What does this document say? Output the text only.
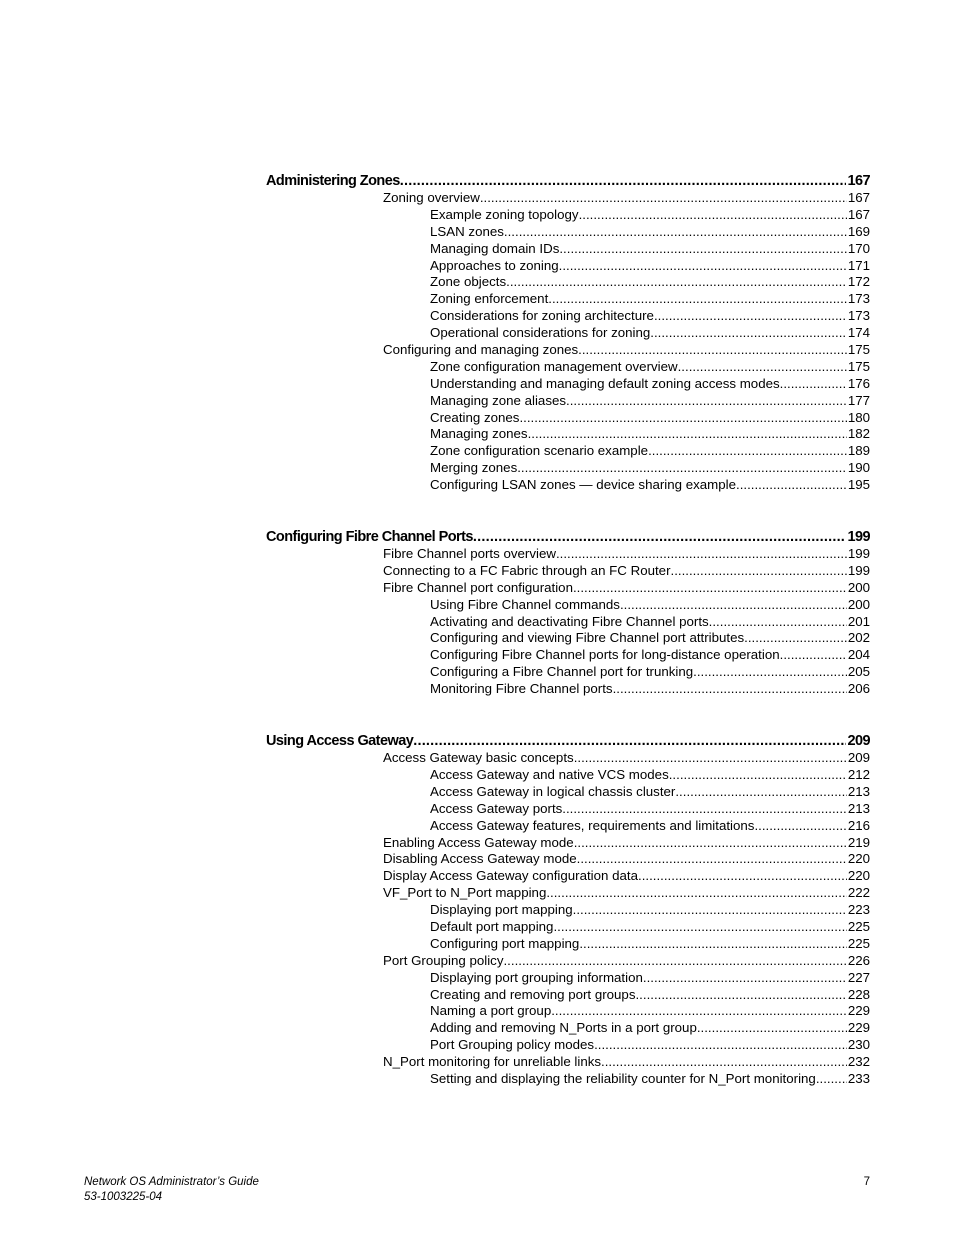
Administering Zones .....	167
Zoning overview .....	167
Example zoning topology .....	167
LSAN zones .....	169
Managing domain IDs .....	170
Approaches to zoning .....	171
Zone objects .....	172
Zoning enforcement .....	173
Considerations for zoning architecture .....	173
Operational considerations for zoning .....	174
Configuring and managing zones .....	175
Zone configuration management overview .....	175
Understanding and managing default zoning access modes .....	176
Managing zone aliases .....	177
Creating zones .....	180
Managing zones .....	182
Zone configuration scenario example .....	189
Merging zones .....	190
Configuring LSAN zones — device sharing example .....	195
Configuring Fibre Channel Ports .....	199
Fibre Channel ports overview .....	199
Connecting to a FC Fabric through an FC Router .....	199
Fibre Channel port configuration .....	200
Using Fibre Channel commands .....	200
Activating and deactivating Fibre Channel ports .....	201
Configuring and viewing Fibre Channel port attributes .....	202
Configuring Fibre Channel ports for long-distance operation .....	204
Configuring a Fibre Channel port for trunking .....	205
Monitoring Fibre Channel ports .....	206
Using Access Gateway .....	209
Access Gateway basic concepts .....	209
Access Gateway and native VCS modes .....	212
Access Gateway in logical chassis cluster .....	213
Access Gateway ports .....	213
Access Gateway features, requirements and limitations .....	216
Enabling Access Gateway mode .....	219
Disabling Access Gateway mode .....	220
Display Access Gateway configuration data .....	220
VF_Port to N_Port mapping .....	222
Displaying port mapping .....	223
Default port mapping .....	225
Configuring port mapping .....	225
Port Grouping policy .....	226
Displaying port grouping information .....	227
Creating and removing port groups .....	228
Naming a port group .....	229
Adding and removing N_Ports in a port group .....	229
Port Grouping policy modes .....	230
N_Port monitoring for unreliable links .....	232
Setting and displaying the reliability counter for N_Port monitoring ..... 233
Network OS Administrator’s Guide
53-1003225-04
7
